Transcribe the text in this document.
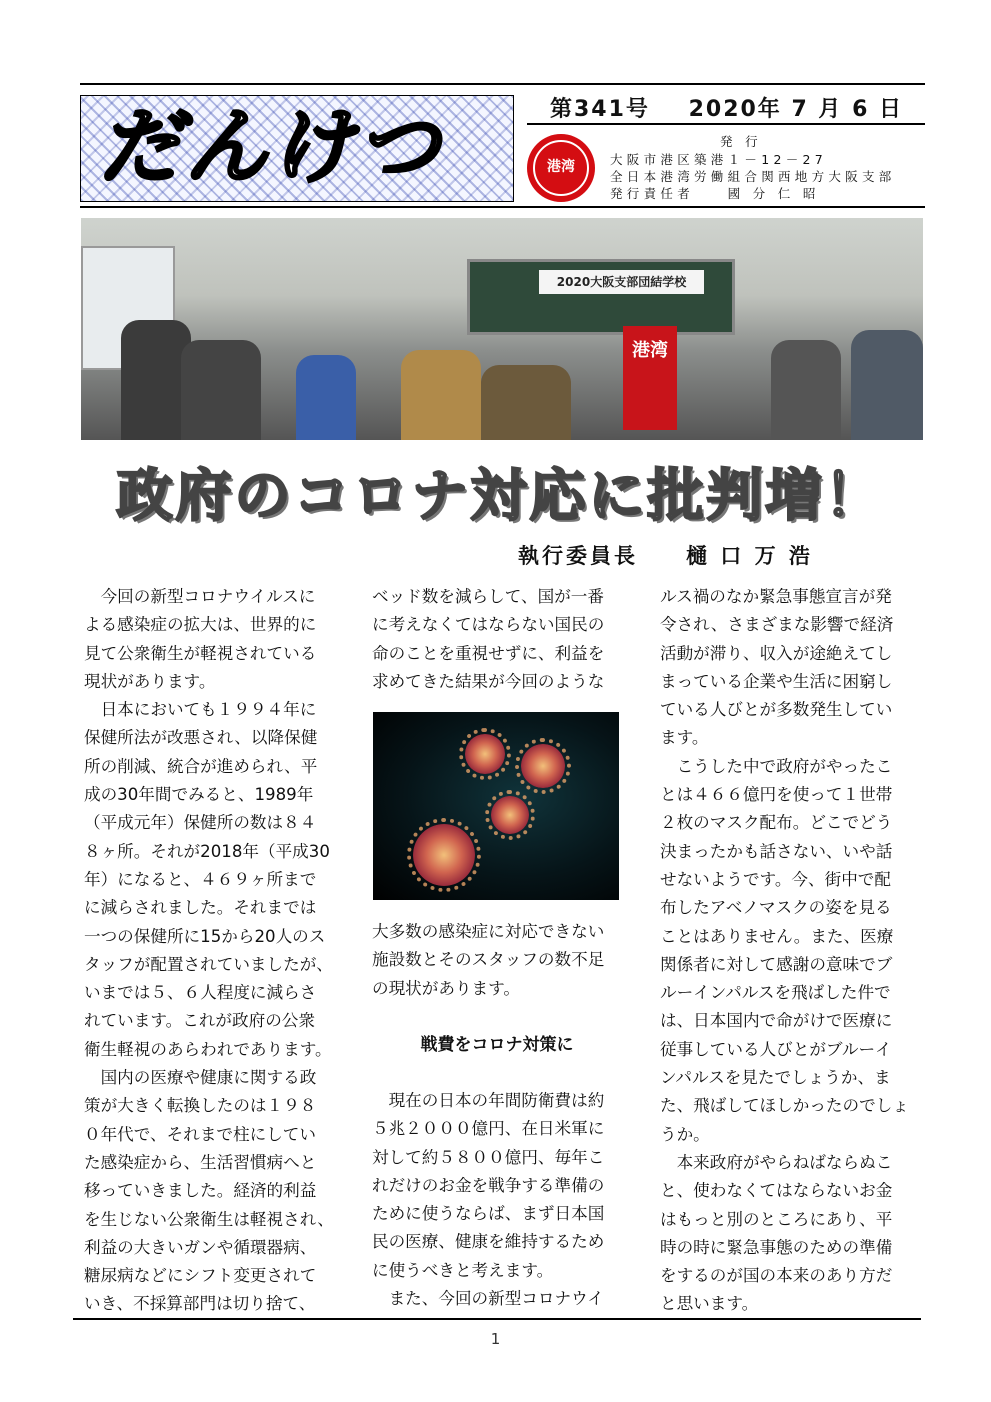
だんけつ	第341号 2020年 7 月 6 日
港湾
発 行
大阪市港区築港１－12－27
全日本港湾労働組合関西地方大阪支部
発行責任者　　國 分 仁 昭
2020大阪支部団結学校
港湾
政府のコロナ対応に批判増！
執行委員長　　樋 口 万 浩
　今回の新型コロナウイルスに
よる感染症の拡大は、世界的に
見て公衆衛生が軽視されている
現状があります。
　日本においても１９９４年に
保健所法が改悪され、以降保健
所の削減、統合が進められ、平
成の30年間でみると、1989年
（平成元年）保健所の数は８４
８ヶ所。それが2018年（平成30
年）になると、４６９ヶ所まで
に減らされました。それまでは
一つの保健所に15から20人のス
タッフが配置されていましたが、
いまでは５、６人程度に減らさ
れています。これが政府の公衆
衛生軽視のあらわれであります。
　国内の医療や健康に関する政
策が大きく転換したのは１９８
０年代で、それまで柱にしてい
た感染症から、生活習慣病へと
移っていきました。経済的利益
を生じない公衆衛生は軽視され、
利益の大きいガンや循環器病、
糖尿病などにシフト変更されて
いき、不採算部門は切り捨て、
ベッド数を減らして、国が一番
に考えなくてはならない国民の
命のことを重視せずに、利益を
求めてきた結果が今回のような
大多数の感染症に対応できない
施設数とそのスタッフの数不足
の現状があります。
戦費をコロナ対策に
　現在の日本の年間防衛費は約
５兆２０００億円、在日米軍に
対して約５８００億円、毎年こ
れだけのお金を戦争する準備の
ために使うならば、まず日本国
民の医療、健康を維持するため
に使うべきと考えます。
　また、今回の新型コロナウイ
ルス禍のなか緊急事態宣言が発
令され、さまざまな影響で経済
活動が滞り、収入が途絶えてし
まっている企業や生活に困窮し
ている人びとが多数発生してい
ます。
　こうした中で政府がやったこ
とは４６６億円を使って１世帯
２枚のマスク配布。どこでどう
決まったかも話さない、いや話
せないようです。今、街中で配
布したアベノマスクの姿を見る
ことはありません。また、医療
関係者に対して感謝の意味でブ
ルーインパルスを飛ばした件で
は、日本国内で命がけで医療に
従事している人びとがブルーイ
ンパルスを見たでしょうか、ま
た、飛ばしてほしかったのでしょ
うか。
　本来政府がやらねばならぬこ
と、使わなくてはならないお金
はもっと別のところにあり、平
時の時に緊急事態のための準備
をするのが国の本来のあり方だ
と思います。
1
